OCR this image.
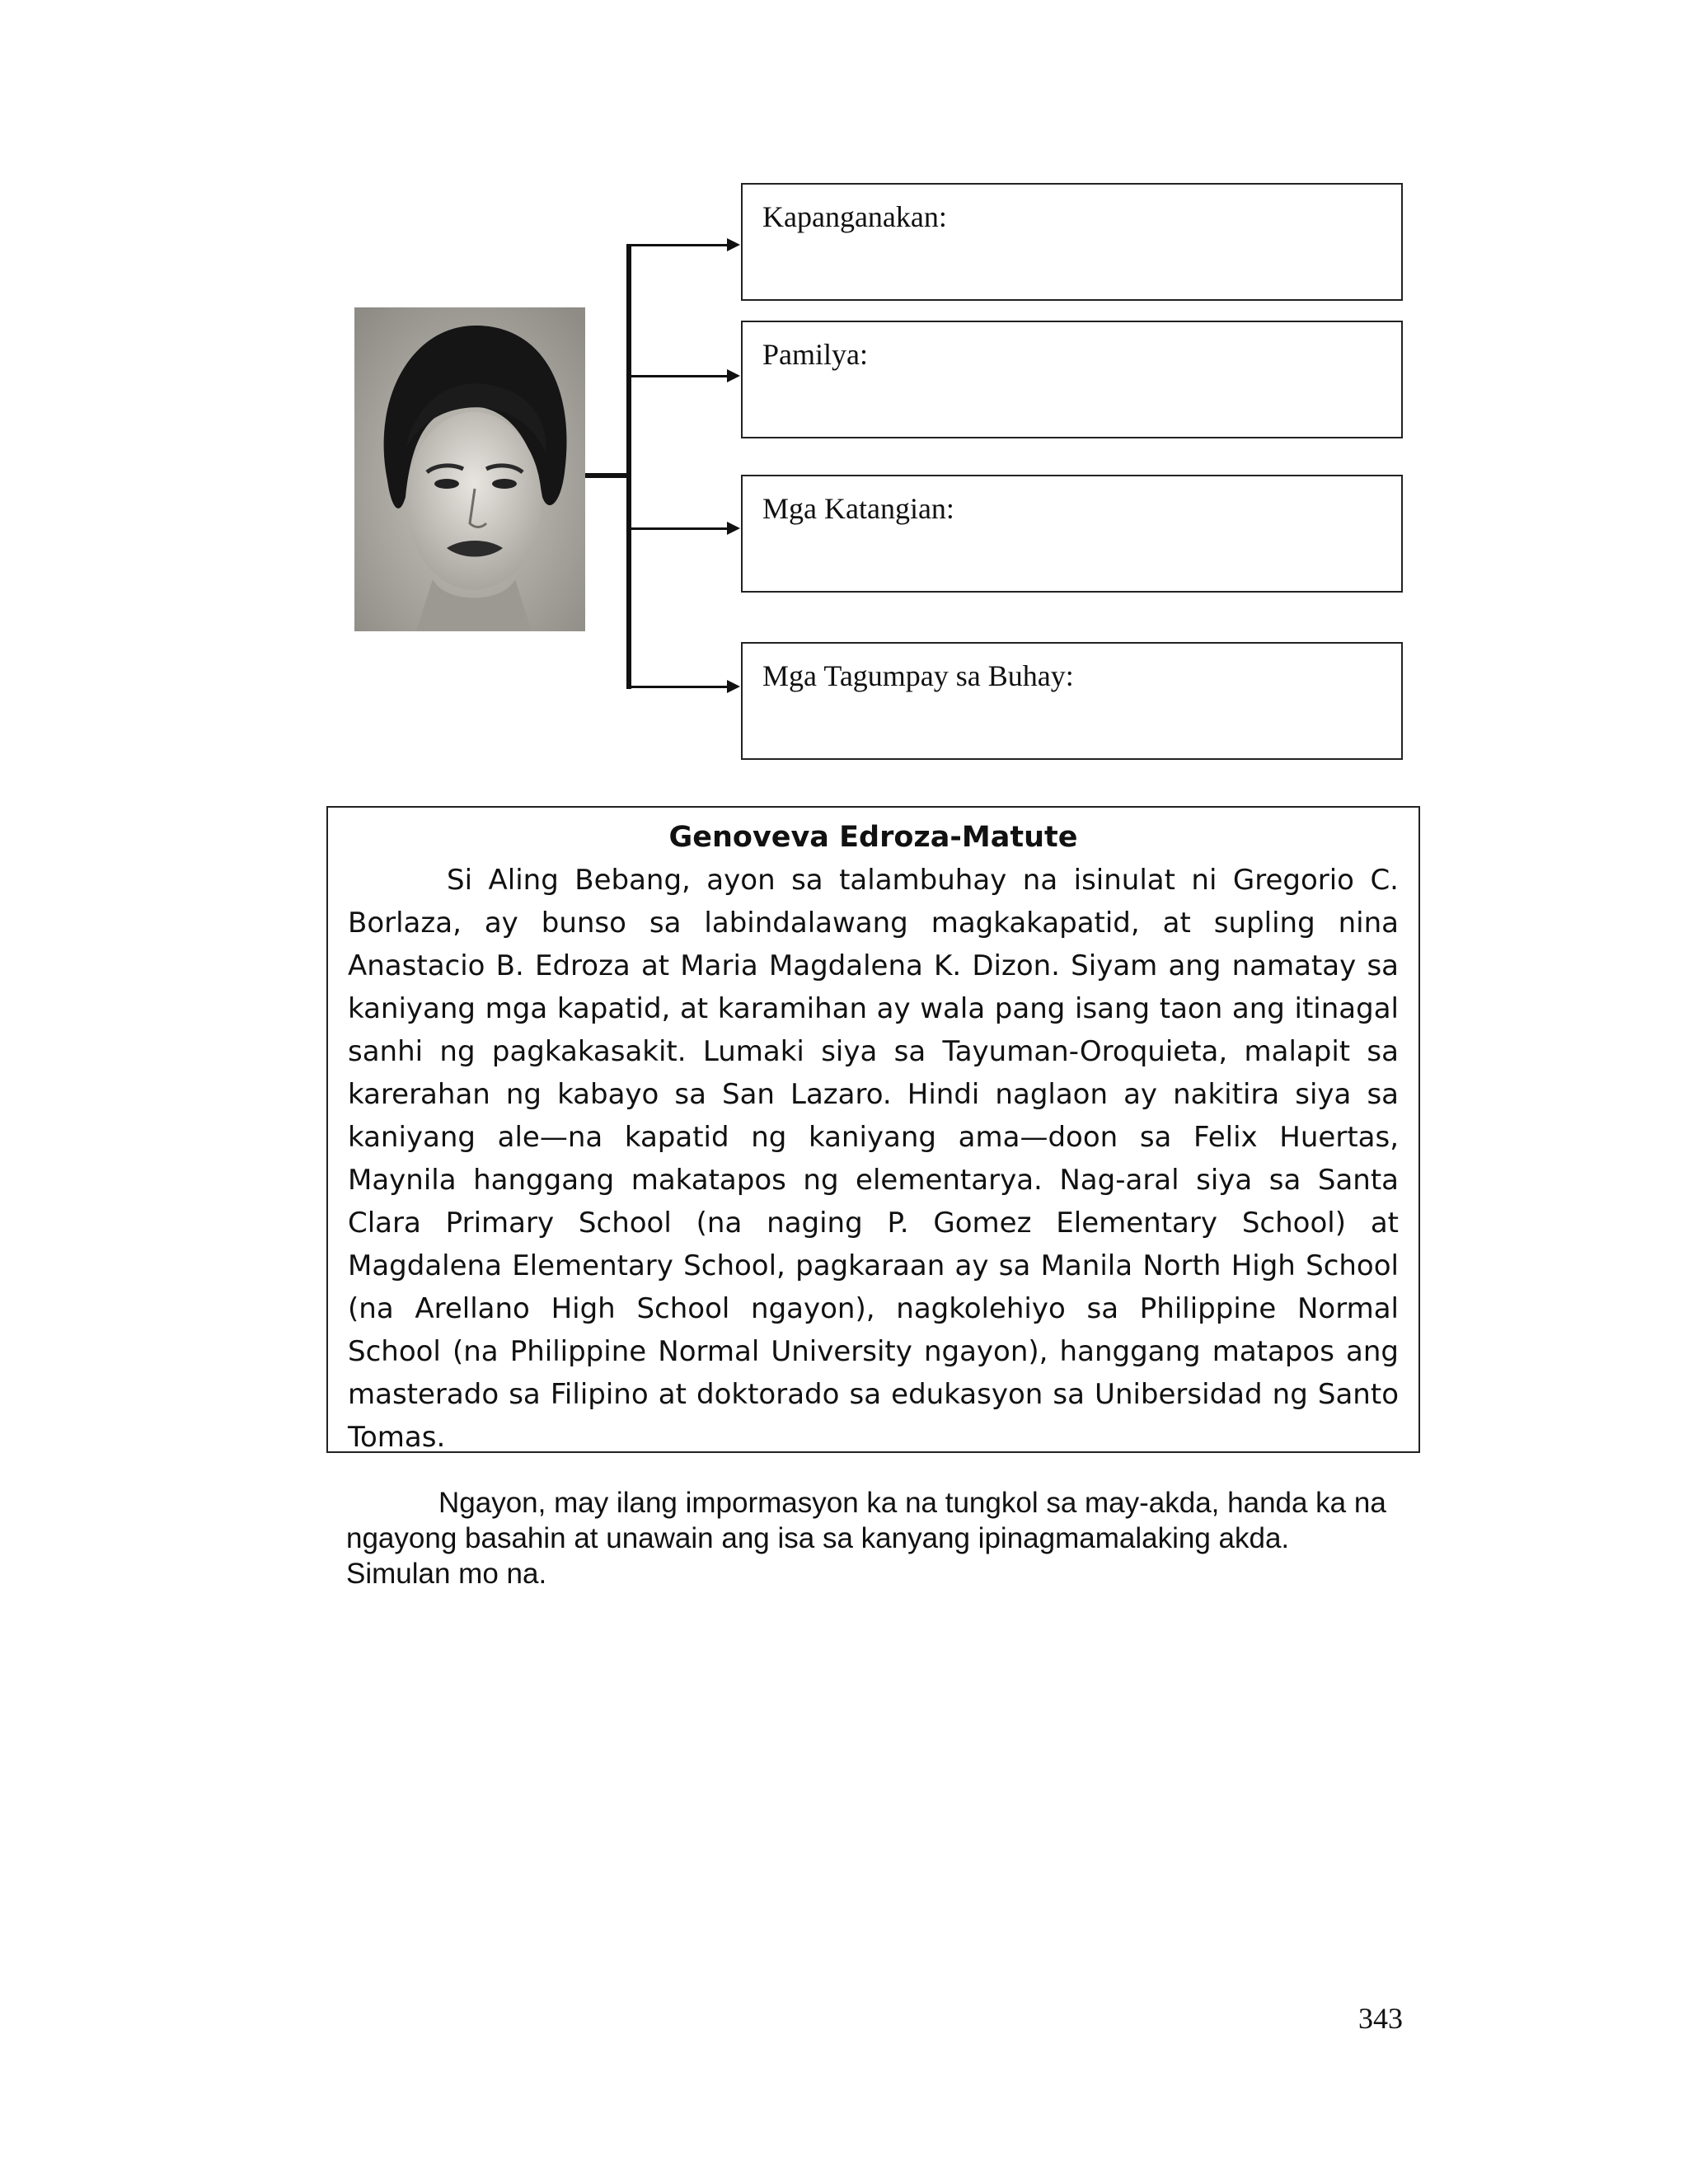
Kapanganakan:
Pamilya:
Mga Katangian:
Mga Tagumpay sa Buhay:
Genoveva Edroza-Matute

Si Aling Bebang, ayon sa talambuhay na isinulat ni Gregorio C. Borlaza, ay bunso sa labindalawang magkakapatid, at supling nina Anastacio B. Edroza at Maria Magdalena K. Dizon. Siyam ang namatay sa kaniyang mga kapatid, at karamihan ay wala pang isang taon ang itinagal sanhi ng pagkakasakit. Lumaki siya sa Tayuman-Oroquieta, malapit sa karerahan ng kabayo sa San Lazaro. Hindi naglaon ay nakitira siya sa kaniyang ale—na kapatid ng kaniyang ama—doon sa Felix Huertas, Maynila hanggang makatapos ng elementarya. Nag-aral siya sa Santa Clara Primary School (na naging P. Gomez Elementary School) at Magdalena Elementary School, pagkaraan ay sa Manila North High School (na Arellano High School ngayon), nagkolehiyo sa Philippine Normal School (na Philippine Normal University ngayon), hanggang matapos ang masterado sa Filipino at doktorado sa edukasyon sa Unibersidad ng Santo Tomas.

Ngayon, may ilang impormasyon ka na tungkol sa may-akda, handa ka na ngayong basahin at unawain ang isa sa kanyang ipinagmamalaking akda. Simulan mo na.

343
